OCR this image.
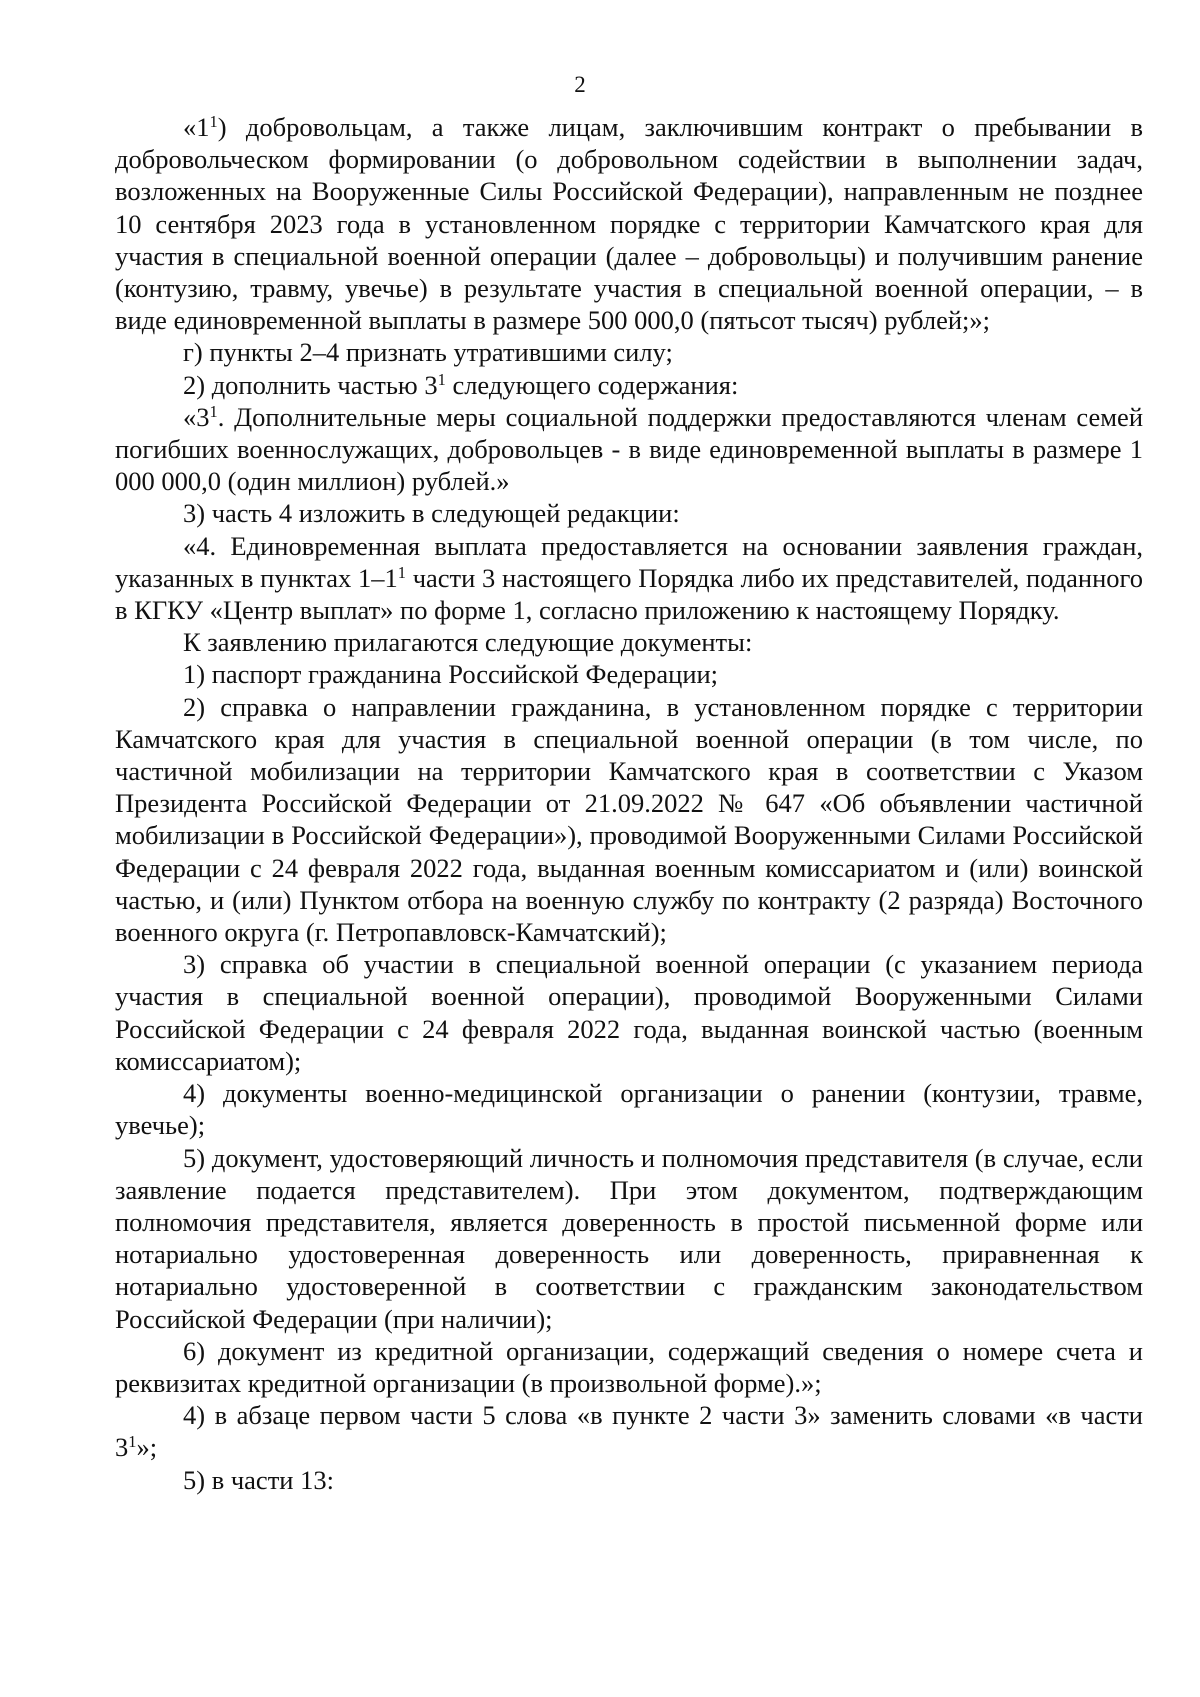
2

«$1^1$) добровольцам, а также лицам, заключившим контракт о пребывании в добровольческом формировании (о добровольном содействии в выполнении задач, возложенных на Вооруженные Силы Российской Федерации), направленным не позднее 10 сентября 2023 года в установленном порядке с территории Камчатского края для участия в специальной военной операции (далее – добровольцы) и получившим ранение (контузию, травму, увечье) в результате участия в специальной военной операции, – в виде единовременной выплаты в размере 500 000,0 (пятьсот тысяч) рублей;»;

г) пункты 2–4 признать утратившими силу;

2) дополнить частью $3^1$ следующего содержания:

«$3^1$. Дополнительные меры социальной поддержки предоставляются членам семей погибших военнослужащих, добровольцев - в виде единовременной выплаты в размере 1 000 000,0 (один миллион) рублей.»

3) часть 4 изложить в следующей редакции:

«4. Единовременная выплата предоставляется на основании заявления граждан, указанных в пунктах $1-1^1$ части 3 настоящего Порядка либо их представителей, поданного в КГКУ «Центр выплат» по форме 1, согласно приложению к настоящему Порядку.

К заявлению прилагаются следующие документы:

1) паспорт гражданина Российской Федерации;

2) справка о направлении гражданина, в установленном порядке с территории Камчатского края для участия в специальной военной операции (в том числе, по частичной мобилизации на территории Камчатского края в соответствии с Указом Президента Российской Федерации от 21.09.2022 № 647 «Об объявлении частичной мобилизации в Российской Федерации»), проводимой Вооруженными Силами Российской Федерации с 24 февраля 2022 года, выданная военным комиссариатом и (или) воинской частью, и (или) Пунктом отбора на военную службу по контракту (2 разряда) Восточного военного округа (г. Петропавловск-Камчатский);

3) справка об участии в специальной военной операции (с указанием периода участия в специальной военной операции), проводимой Вооруженными Силами Российской Федерации с 24 февраля 2022 года, выданная воинской частью (военным комиссариатом);

4) документы военно-медицинской организации о ранении (контузии, травме, увечье);

5) документ, удостоверяющий личность и полномочия представителя (в случае, если заявление подается представителем). При этом документом, подтверждающим полномочия представителя, является доверенность в простой письменной форме или нотариально удостоверенная доверенность или доверенность, приравненная к нотариально удостоверенной в соответствии с гражданским законодательством Российской Федерации (при наличии);

6) документ из кредитной организации, содержащий сведения о номере счета и реквизитах кредитной организации (в произвольной форме).»;

4) в абзаце первом части 5 слова «в пункте 2 части 3» заменить словами «в части $3^1$»;

5) в части 13:
